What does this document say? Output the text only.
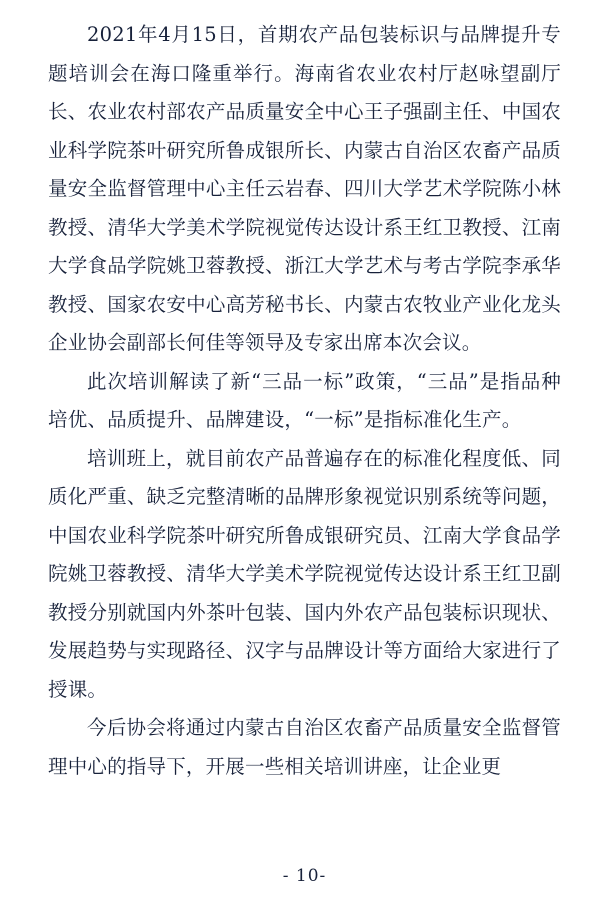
2021年4月15日，首期农产品包装标识与品牌提升专题培训会在海口隆重举行。海南省农业农村厅赵咏望副厅长、农业农村部农产品质量安全中心王子强副主任、中国农业科学院茶叶研究所鲁成银所长、内蒙古自治区农畜产品质量安全监督管理中心主任云岩春、四川大学艺术学院陈小林教授、清华大学美术学院视觉传达设计系王红卫教授、江南大学食品学院姚卫蓉教授、浙江大学艺术与考古学院李承华教授、国家农安中心高芳秘书长、内蒙古农牧业产业化龙头企业协会副部长何佳等领导及专家出席本次会议。

此次培训解读了新“三品一标”政策，“三品”是指品种培优、品质提升、品牌建设，“一标”是指标准化生产。

培训班上，就目前农产品普遍存在的标准化程度低、同质化严重、缺乏完整清晰的品牌形象视觉识别系统等问题，中国农业科学院茶叶研究所鲁成银研究员、江南大学食品学院姚卫蓉教授、清华大学美术学院视觉传达设计系王红卫副教授分别就国内外茶叶包装、国内外农产品包装标识现状、发展趋势与实现路径、汉字与品牌设计等方面给大家进行了授课。

今后协会将通过内蒙古自治区农畜产品质量安全监督管理中心的指导下，开展一些相关培训讲座，让企业更

- 10-
